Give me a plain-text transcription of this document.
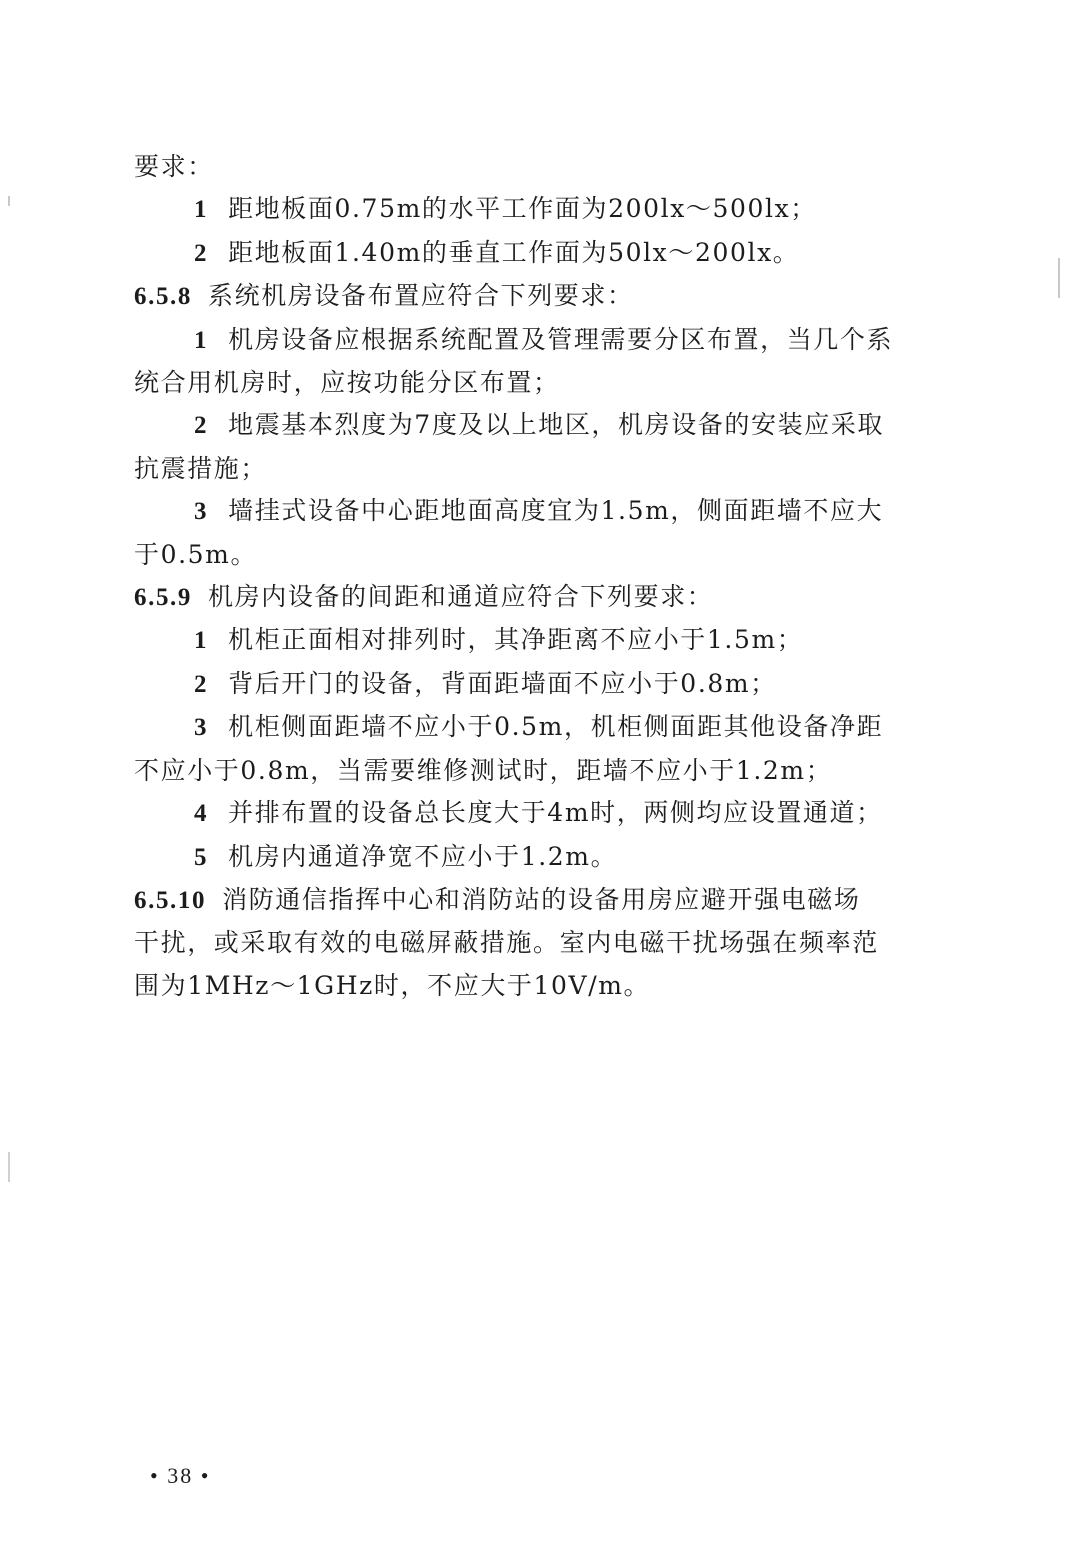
要求：

1 距地板面0.75m的水平工作面为200lx～500lx；

2 距地板面1.40m的垂直工作面为50lx～200lx。

6.5.8 系统机房设备布置应符合下列要求：

1 机房设备应根据系统配置及管理需要分区布置，当几个系

统合用机房时，应按功能分区布置；

2 地震基本烈度为7度及以上地区，机房设备的安装应采取

抗震措施；

3 墙挂式设备中心距地面高度宜为1.5m，侧面距墙不应大

于0.5m。

6.5.9 机房内设备的间距和通道应符合下列要求：

1 机柜正面相对排列时，其净距离不应小于1.5m；

2 背后开门的设备，背面距墙面不应小于0.8m；

3 机柜侧面距墙不应小于0.5m，机柜侧面距其他设备净距

不应小于0.8m，当需要维修测试时，距墙不应小于1.2m；

4 并排布置的设备总长度大于4m时，两侧均应设置通道；

5 机房内通道净宽不应小于1.2m。

6.5.10 消防通信指挥中心和消防站的设备用房应避开强电磁场

干扰，或采取有效的电磁屏蔽措施。室内电磁干扰场强在频率范

围为1MHz～1GHz时，不应大于10V/m。

• 38 •
